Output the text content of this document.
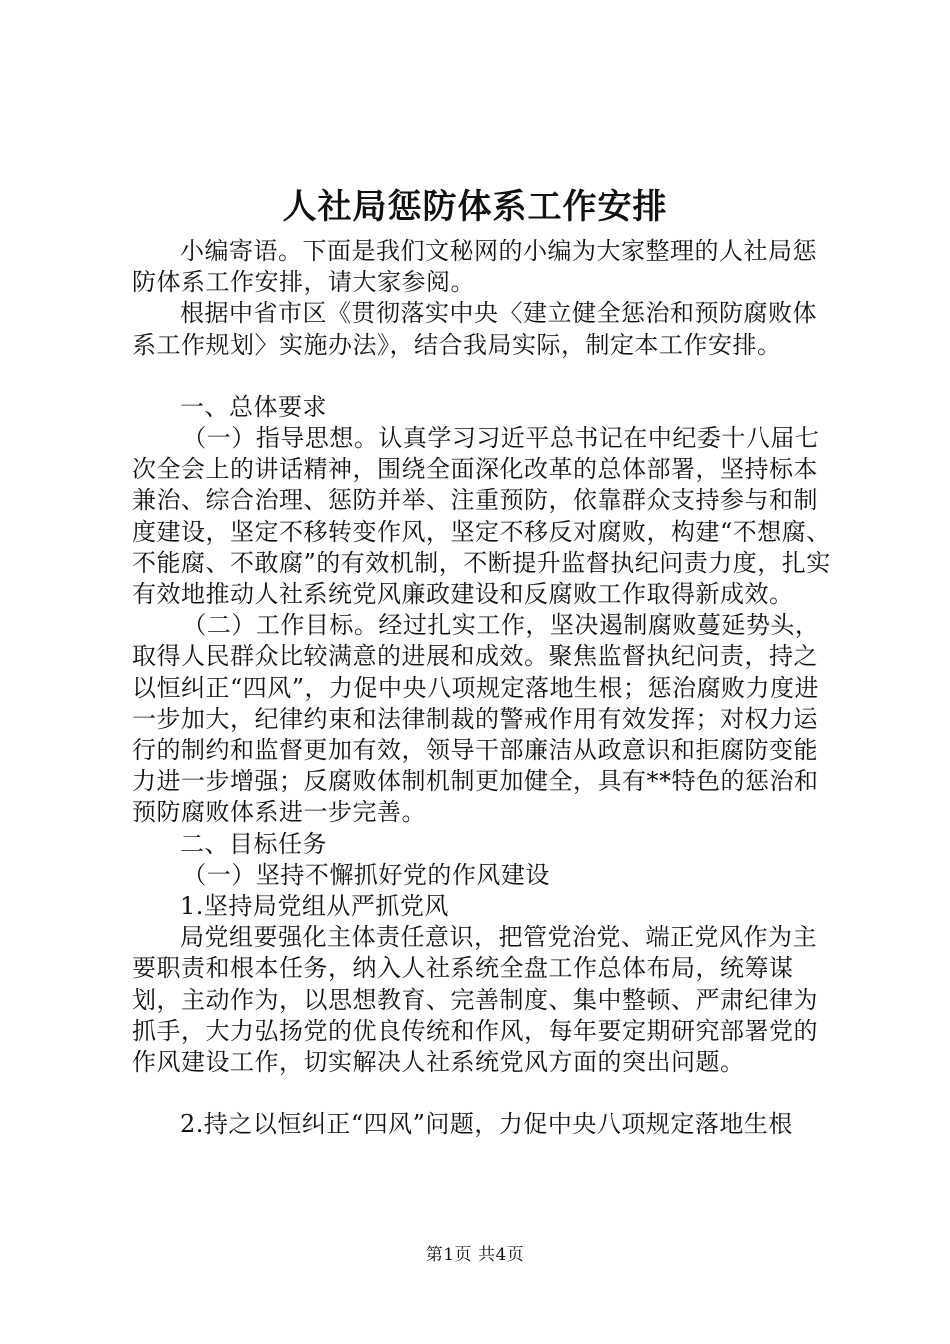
人社局惩防体系工作安排

小编寄语。下面是我们文秘网的小编为大家整理的人社局惩防体系工作安排，请大家参阅。

根据中省市区《贯彻落实中央〈建立健全惩治和预防腐败体系工作规划〉实施办法》，结合我局实际，制定本工作安排。

一、总体要求

（一）指导思想。认真学习习近平总书记在中纪委十八届七次全会上的讲话精神，围绕全面深化改革的总体部署，坚持标本兼治、综合治理、惩防并举、注重预防，依靠群众支持参与和制度建设，坚定不移转变作风，坚定不移反对腐败，构建“不想腐、不能腐、不敢腐”的有效机制，不断提升监督执纪问责力度，扎实有效地推动人社系统党风廉政建设和反腐败工作取得新成效。

（二）工作目标。经过扎实工作，坚决遏制腐败蔓延势头，取得人民群众比较满意的进展和成效。聚焦监督执纪问责，持之以恒纠正“四风”，力促中央八项规定落地生根；惩治腐败力度进一步加大，纪律约束和法律制裁的警戒作用有效发挥；对权力运行的制约和监督更加有效，领导干部廉洁从政意识和拒腐防变能力进一步增强；反腐败体制机制更加健全，具有**特色的惩治和预防腐败体系进一步完善。

二、目标任务

（一）坚持不懈抓好党的作风建设

1.坚持局党组从严抓党风

局党组要强化主体责任意识，把管党治党、端正党风作为主要职责和根本任务，纳入人社系统全盘工作总体布局，统筹谋划，主动作为，以思想教育、完善制度、集中整顿、严肃纪律为抓手，大力弘扬党的优良传统和作风，每年要定期研究部署党的作风建设工作，切实解决人社系统党风方面的突出问题。

2.持之以恒纠正“四风”问题，力促中央八项规定落地生根

第1页 共4页
